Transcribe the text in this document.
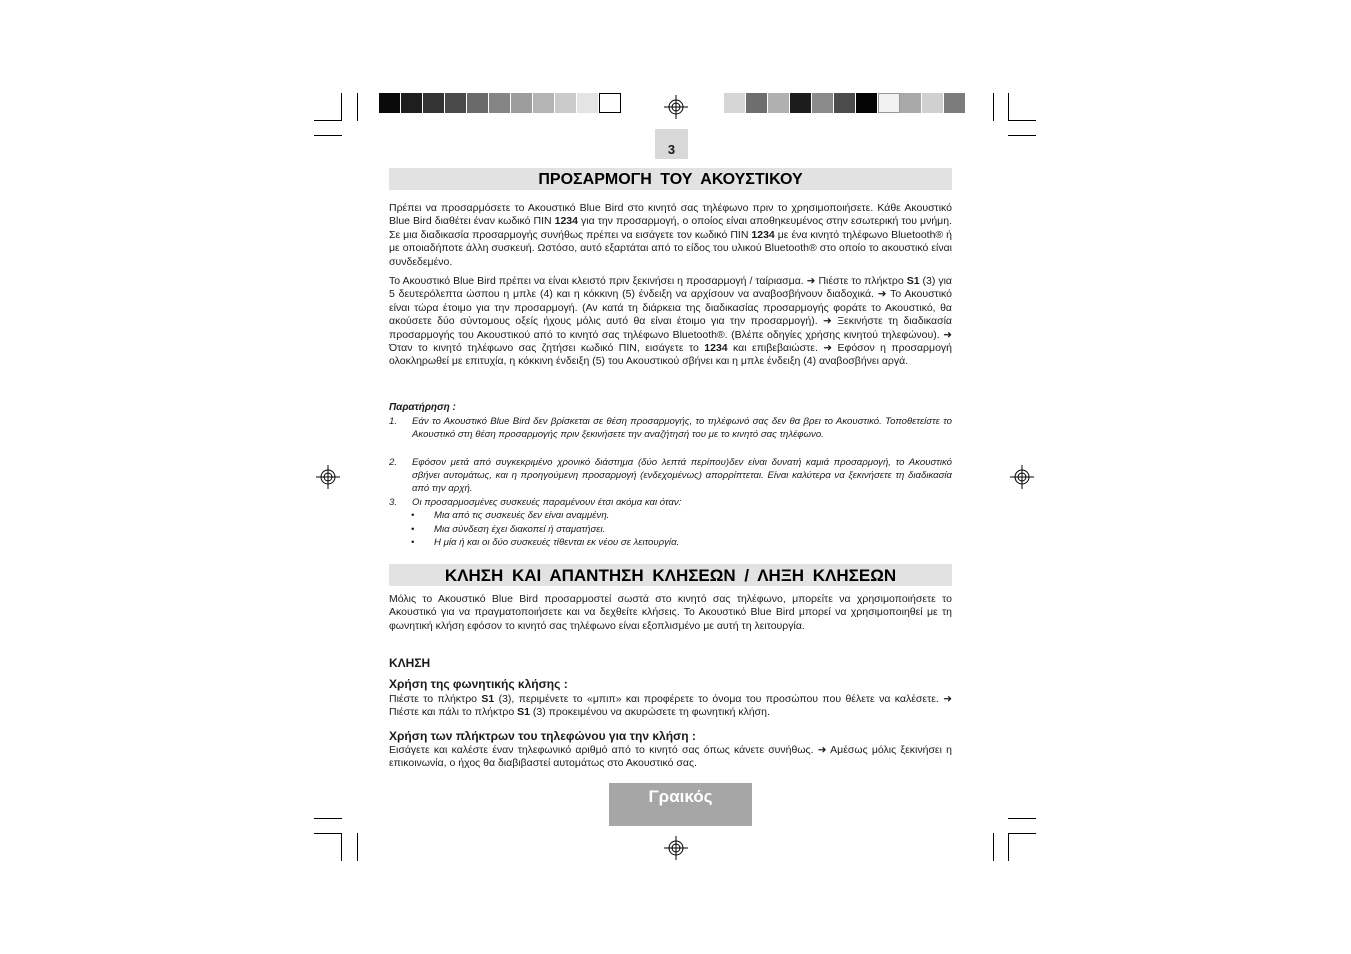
3
ΠΡΟΣΑΡΜΟΓΗ ΤΟΥ ΑΚΟΥΣΤΙΚΟΥ
Πρέπει να προσαρμόσετε το Ακουστικό Blue Bird στο κινητό σας τηλέφωνο πριν το χρησιμοποιήσετε. Κάθε Ακουστικό Blue Bird διαθέτει έναν κωδικό ΠΙΝ 1234 για την προσαρμογή, ο οποίος είναι αποθηκευμένος στην εσωτερική του μνήμη. Σε μια διαδικασία προσαρμογής συνήθως πρέπει να εισάγετε τον κωδικό ΠΙΝ 1234 με ένα κινητό τηλέφωνο Bluetooth® ή με οποιαδήποτε άλλη συσκευή. Ωστόσο, αυτό εξαρτάται από το είδος του υλικού Bluetooth® στο οποίο το ακουστικό είναι συνδεδεμένο.
Το Ακουστικό Blue Bird πρέπει να είναι κλειστό πριν ξεκινήσει η προσαρμογή / ταίριασμα. ➜ Πιέστε το πλήκτρο S1 (3) για 5 δευτερόλεπτα ώσπου η μπλε (4) και η κόκκινη (5) ένδειξη να αρχίσουν να αναβοσβήνουν διαδοχικά. ➜ Το Ακουστικό είναι τώρα έτοιμο για την προσαρμογή. (Αν κατά τη διάρκεια της διαδικασίας προσαρμογής φοράτε το Ακουστικό, θα ακούσετε δύο σύντομους οξείς ήχους μόλις αυτό θα είναι έτοιμο για την προσαρμογή). ➜ Ξεκινήστε τη διαδικασία προσαρμογής του Ακουστικού από το κινητό σας τηλέφωνο Bluetooth®. (Βλέπε οδηγίες χρήσης κινητού τηλεφώνου). ➜ Όταν το κινητό τηλέφωνο σας ζητήσει κωδικό ΠΙΝ, εισάγετε το 1234 και επιβεβαιώστε. ➜ Εφόσον η προσαρμογή ολοκληρωθεί με επιτυχία, η κόκκινη ένδειξη (5) του Ακουστικού σβήνει και η μπλε ένδειξη (4) αναβοσβήνει αργά.
Παρατήρηση :
1. Εάν το Ακουστικό Blue Bird δεν βρίσκεται σε θέση προσαρμογής, το τηλέφωνό σας δεν θα βρει το Ακουστικό. Τοποθετείστε το Ακουστικό στη θέση προσαρμογής πριν ξεκινήσετε την αναζήτησή του με το κινητό σας τηλέφωνο.
2. Εφόσον μετά από συγκεκριμένο χρονικό διάστημα (δύο λεπτά περίπου)δεν είναι δυνατή καμιά προσαρμογή, το Ακουστικό σβήνει αυτομάτως, και η προηγούμενη προσαρμογή (ενδεχομένως) απορρίπτεται. Είναι καλύτερα να ξεκινήσετε τη διαδικασία από την αρχή.
3. Οι προσαρμοσμένες συσκευές παραμένουν έτσι ακόμα και όταν:
• Μια από τις συσκευές δεν είναι αναμμένη.
• Μια σύνδεση έχει διακοπεί ή σταματήσει.
• Η μία ή και οι δύο συσκευές τίθενται εκ νέου σε λειτουργία.
ΚΛΗΣΗ ΚΑΙ ΑΠΑΝΤΗΣΗ ΚΛΗΣΕΩΝ / ΛΗΞΗ ΚΛΗΣΕΩΝ
Μόλις το Ακουστικό Blue Bird προσαρμοστεί σωστά στο κινητό σας τηλέφωνο, μπορείτε να χρησιμοποιήσετε το Ακουστικό για να πραγματοποιήσετε και να δεχθείτε κλήσεις. Το Ακουστικό Blue Bird μπορεί να χρησιμοποιηθεί με τη φωνητική κλήση εφόσον το κινητό σας τηλέφωνο είναι εξοπλισμένο με αυτή τη λειτουργία.
ΚΛΗΣΗ
Χρήση της φωνητικής κλήσης :
Πιέστε το πλήκτρο S1 (3), περιμένετε το «μπιπ» και προφέρετε το όνομα του προσώπου που θέλετε να καλέσετε. ➜ Πιέστε και πάλι το πλήκτρο S1 (3) προκειμένου να ακυρώσετε τη φωνητική κλήση.
Χρήση των πλήκτρων του τηλεφώνου για την κλήση :
Εισάγετε και καλέστε έναν τηλεφωνικό αριθμό από το κινητό σας όπως κάνετε συνήθως. ➜ Αμέσως μόλις ξεκινήσει η επικοινωνία, ο ήχος θα διαβιβαστεί αυτομάτως στο Ακουστικό σας.
Γραικός
